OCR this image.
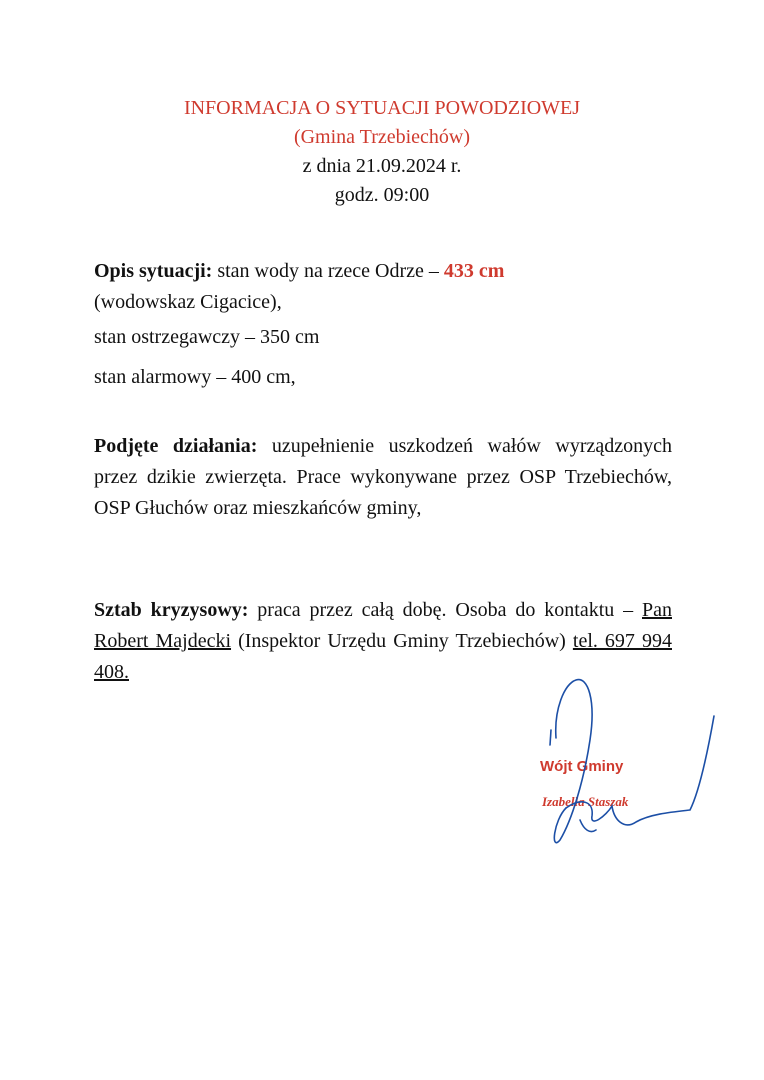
INFORMACJA O SYTUACJI POWODZIOWEJ
(Gmina Trzebiechów)
z dnia 21.09.2024 r.
godz. 09:00
Opis sytuacji: stan wody na rzece Odrze – 433 cm
(wodowskaz Cigacice),
stan ostrzegawczy – 350 cm
stan alarmowy – 400 cm,
Podjęte działania: uzupełnienie uszkodzeń wałów wyrządzonych przez dzikie zwierzęta. Prace wykonywane przez OSP Trzebiechów, OSP Głuchów oraz mieszkańców gminy,
Sztab kryzysowy: praca przez całą dobę. Osoba do kontaktu – Pan Robert Majdecki (Inspektor Urzędu Gminy Trzebiechów) tel. 697 994 408.
Wójt Gminy
Izabella Staszak
